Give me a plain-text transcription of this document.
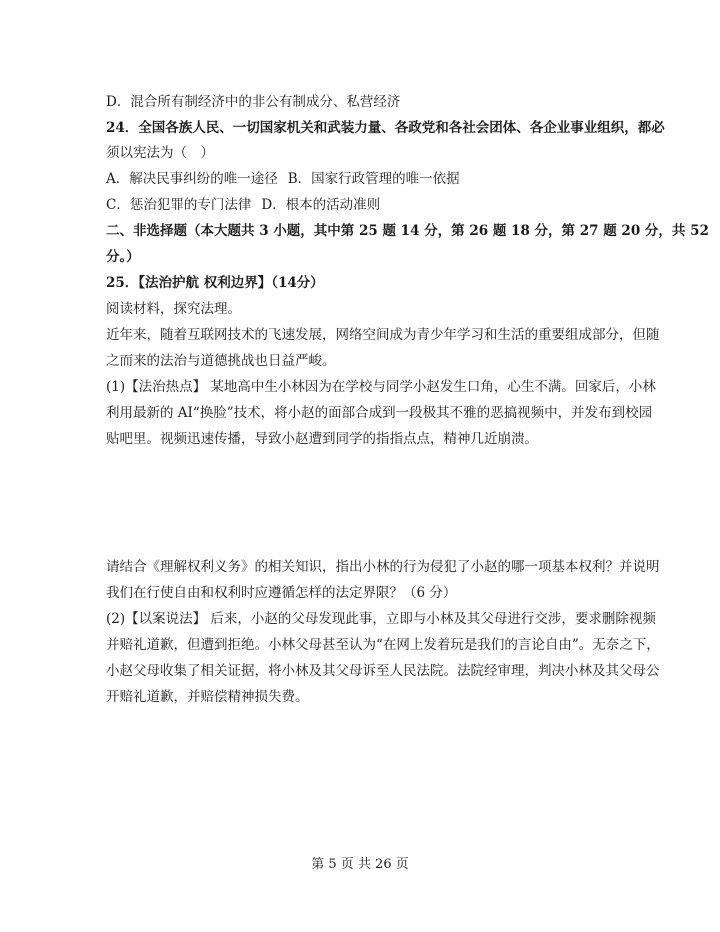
D．混合所有制经济中的非公有制成分、私营经济
24．全国各族人民、一切国家机关和武装力量、各政党和各社会团体、各企业事业组织，都必
须以宪法为（　）
A．解决民事纠纷的唯一途径 B．国家行政管理的唯一依据
C．惩治犯罪的专门法律 D．根本的活动准则
二、非选择题（本大题共 3 小题，其中第 25 题 14 分，第 26 题 18 分，第 27 题 20 分，共 52
分。）
25．【法治护航 权利边界】（14分）
阅读材料，探究法理。
近年来，随着互联网技术的飞速发展，网络空间成为青少年学习和生活的重要组成部分，但随
之而来的法治与道德挑战也日益严峻。
(1)【法治热点】 某地高中生小林因为在学校与同学小赵发生口角，心生不满。回家后，小林
利用最新的 AI“换脸”技术，将小赵的面部合成到一段极其不雅的恶搞视频中，并发布到校园
贴吧里。视频迅速传播，导致小赵遭到同学的指指点点，精神几近崩溃。
请结合《理解权利义务》的相关知识，指出小林的行为侵犯了小赵的哪一项基本权利？并说明
我们在行使自由和权利时应遵循怎样的法定界限？（6 分）
(2)【以案说法】 后来，小赵的父母发现此事，立即与小林及其父母进行交涉，要求删除视频
并赔礼道歉，但遭到拒绝。小林父母甚至认为“在网上发着玩是我们的言论自由”。无奈之下，
小赵父母收集了相关证据，将小林及其父母诉至人民法院。法院经审理，判决小林及其父母公
开赔礼道歉，并赔偿精神损失费。
第 5 页 共 26 页
